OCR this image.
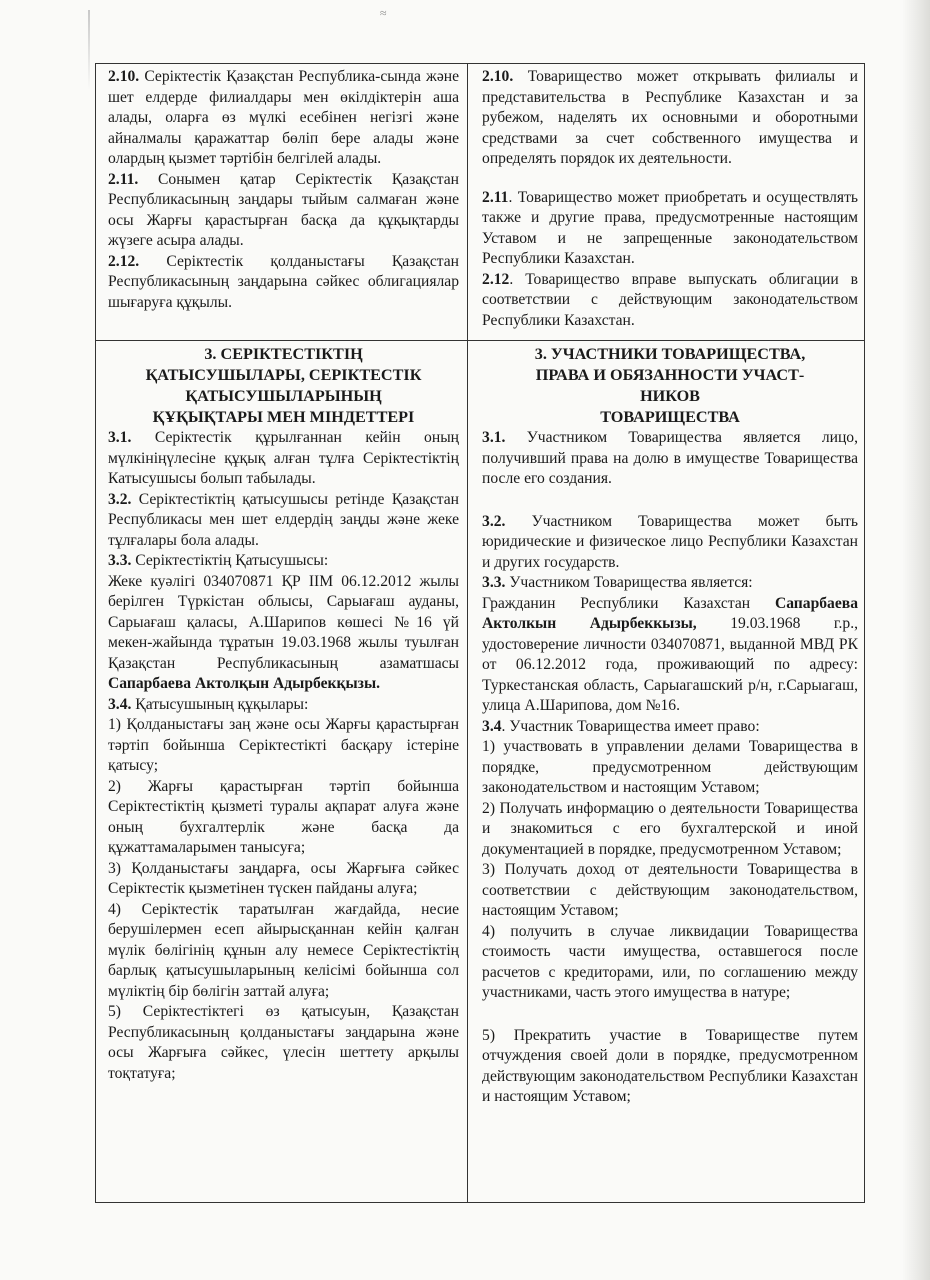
≈

2.10. Серіктестік Қазақстан Республика-сында және шет елдерде филиалдары мен өкілдіктерін аша алады, оларға өз мүлкі есебінен негізгі және айналмалы қаражаттар бөліп бере алады және олардың қызмет тәртібін белгілей алады.

2.11. Сонымен қатар Серіктестік Қазақстан Республикасының заңдары тыйым салмаған және осы Жарғы қарастырған басқа да құқықтарды жүзеге асыра алады.

2.12. Серіктестік қолданыстағы Қазақстан Республикасының заңдарына сәйкес облигациялар шығаруға құқылы.

2.10. Товарищество может открывать филиалы и представительства в Республике Казахстан и за рубежом, наделять их основными и оборотными средствами за счет собственного имущества и определять порядок их деятельности.

2.11. Товарищество может приобретать и осуществлять также и другие права, предусмотренные настоящим Уставом и не запрещенные законодательством Республики Казахстан.

2.12. Товарищество вправе выпускать облигации в соответствии с действующим законодательством Республики Казахстан.

3. СЕРІКТЕСТІКТІҢ
ҚАТЫСУШЫЛАРЫ, СЕРІКТЕСТІК
ҚАТЫСУШЫЛАРЫНЫҢ
ҚҰҚЫҚТАРЫ МЕН МІНДЕТТЕРІ

3.1. Серіктестік құрылғаннан кейін оның мүлкініңүлесіне құқық алған тұлға Серіктестіктің Катысушысы болып табылады.

3.2. Серіктестіктің қатысушысы ретінде Қазақстан Республикасы мен шет елдердің заңды және жеке тұлғалары бола алады.

3.3. Серіктестіктің Қатысушысы:

Жеке куәлігі 034070871 ҚР ІІМ 06.12.2012 жылы берілген Түркістан облысы, Сарыағаш ауданы, Сарыағаш қаласы, А.Шарипов көшесі №16 үй мекен-жайында тұратын 19.03.1968 жылы туылған Қазақстан Республикасының азаматшасы Сапарбаева Актолқын Адырбекқызы.

3.4. Қатысушының құқылары:

1) Қолданыстағы заң және осы Жарғы қарастырған тәртіп бойынша Серіктестікті басқару істеріне қатысу;

2) Жарғы қарастырған тәртіп бойынша Серіктестіктің қызметі туралы ақпарат алуға және оның бухгалтерлік және басқа да құжаттамаларымен танысуға;

3) Қолданыстағы заңдарға, осы Жарғыға сәйкес Серіктестік қызметінен түскен пайданы алуға;

4) Серіктестік таратылған жағдайда, несие берушілермен есеп айырысқаннан кейін қалған мүлік бөлігінің құнын алу немесе Серіктестіктің барлық қатысушыларының келісімі бойынша сол мүліктің бір бөлігін заттай алуға;

5) Серіктестіктегі өз қатысуын, Қазақстан Республикасының қолданыстағы заңдарына және осы Жарғыға сәйкес, үлесін шеттету арқылы тоқтатуға;

3. УЧАСТНИКИ ТОВАРИЩЕСТВА,
ПРАВА И ОБЯЗАННОСТИ УЧАСТ-
НИКОВ
ТОВАРИЩЕСТВА

3.1. Участником Товарищества является лицо, получивший права на долю в имуществе Товарищества после его создания.

3.2. Участником Товарищества может быть юридические и физическое лицо Республики Казахстан и других государств.

3.3. Участником Товарищества является:

Гражданин Республики Казахстан Сапарбаева Актолкын Адырбеккызы, 19.03.1968 г.р., удостоверение личности 034070871, выданной МВД РК от 06.12.2012 года, проживающий по адресу: Туркестанская область, Сарыагашский р/н, г.Сарыагаш, улица А.Шарипова, дом №16.

3.4. Участник Товарищества имеет право:

1) участвовать в управлении делами Товарищества в порядке, предусмотренном действующим законодательством и настоящим Уставом;

2) Получать информацию о деятельности Товарищества и знакомиться с его бухгалтерской и иной документацией в порядке, предусмотренном Уставом;

3) Получать доход от деятельности Товарищества в соответствии с действующим законодательством, настоящим Уставом;

4) получить в случае ликвидации Товарищества стоимость части имущества, оставшегося после расчетов с кредиторами, или, по соглашению между участниками, часть этого имущества в натуре;

5) Прекратить участие в Товариществе путем отчуждения своей доли в порядке, предусмотренном действующим законодательством Республики Казахстан и настоящим Уставом;
